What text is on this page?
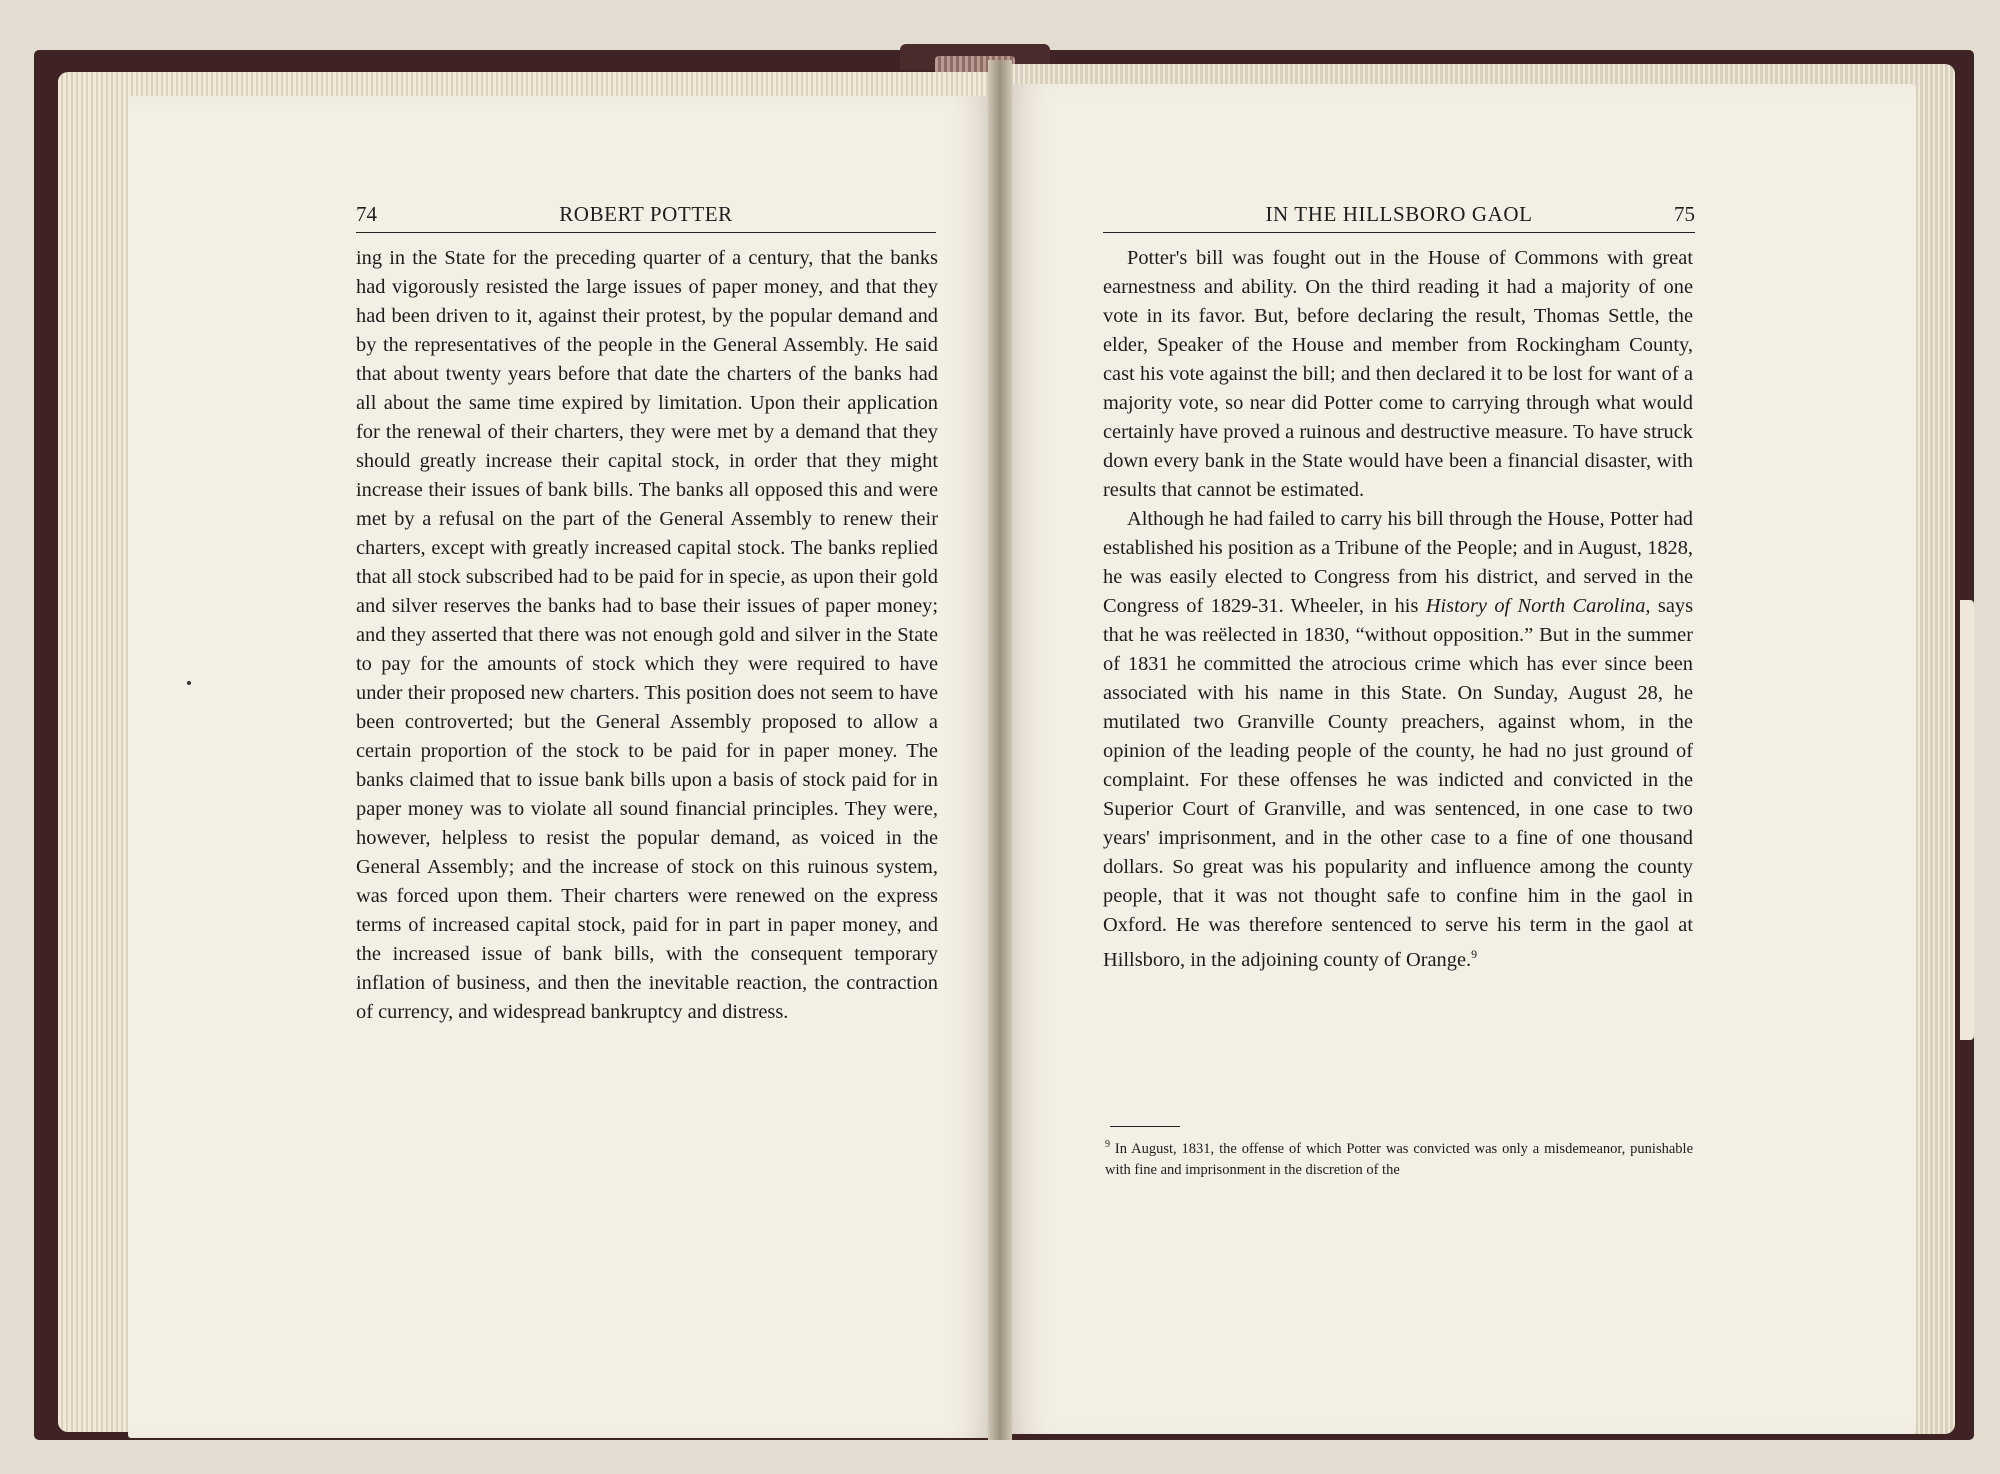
74	ROBERT POTTER

ing in the State for the preceding quarter of a century, that the banks had vigorously resisted the large issues of paper money, and that they had been driven to it, against their protest, by the popular demand and by the representatives of the people in the General Assembly. He said that about twenty years before that date the charters of the banks had all about the same time expired by limitation. Upon their application for the renewal of their charters, they were met by a demand that they should greatly increase their capital stock, in order that they might increase their issues of bank bills. The banks all opposed this and were met by a refusal on the part of the General Assembly to renew their charters, except with greatly increased capital stock. The banks replied that all stock subscribed had to be paid for in specie, as upon their gold and silver reserves the banks had to base their issues of paper money; and they asserted that there was not enough gold and silver in the State to pay for the amounts of stock which they were required to have under their proposed new charters. This position does not seem to have been controverted; but the General Assembly proposed to allow a certain proportion of the stock to be paid for in paper money. The banks claimed that to issue bank bills upon a basis of stock paid for in paper money was to violate all sound financial principles. They were, however, helpless to resist the popular demand, as voiced in the General Assembly; and the increase of stock on this ruinous system, was forced upon them. Their charters were renewed on the express terms of increased capital stock, paid for in part in paper money, and the increased issue of bank bills, with the consequent temporary inflation of business, and then the inevitable reaction, the contraction of currency, and widespread bankruptcy and distress.

IN THE HILLSBORO GAOL	75

Potter's bill was fought out in the House of Commons with great earnestness and ability. On the third reading it had a majority of one vote in its favor. But, before declaring the result, Thomas Settle, the elder, Speaker of the House and member from Rockingham County, cast his vote against the bill; and then declared it to be lost for want of a majority vote, so near did Potter come to carrying through what would certainly have proved a ruinous and destructive measure. To have struck down every bank in the State would have been a financial disaster, with results that cannot be estimated.

Although he had failed to carry his bill through the House, Potter had established his position as a Tribune of the People; and in August, 1828, he was easily elected to Congress from his district, and served in the Congress of 1829-31. Wheeler, in his History of North Carolina, says that he was reëlected in 1830, “without opposition.” But in the summer of 1831 he committed the atrocious crime which has ever since been associated with his name in this State. On Sunday, August 28, he mutilated two Granville County preachers, against whom, in the opinion of the leading people of the county, he had no just ground of complaint. For these offenses he was indicted and convicted in the Superior Court of Granville, and was sentenced, in one case to two years' imprisonment, and in the other case to a fine of one thousand dollars. So great was his popularity and influence among the county people, that it was not thought safe to confine him in the gaol in Oxford. He was therefore sentenced to serve his term in the gaol at Hillsboro, in the adjoining county of Orange.$^9$

$^9$ In August, 1831, the offense of which Potter was convicted was only a misdemeanor, punishable with fine and imprisonment in the discretion of the
